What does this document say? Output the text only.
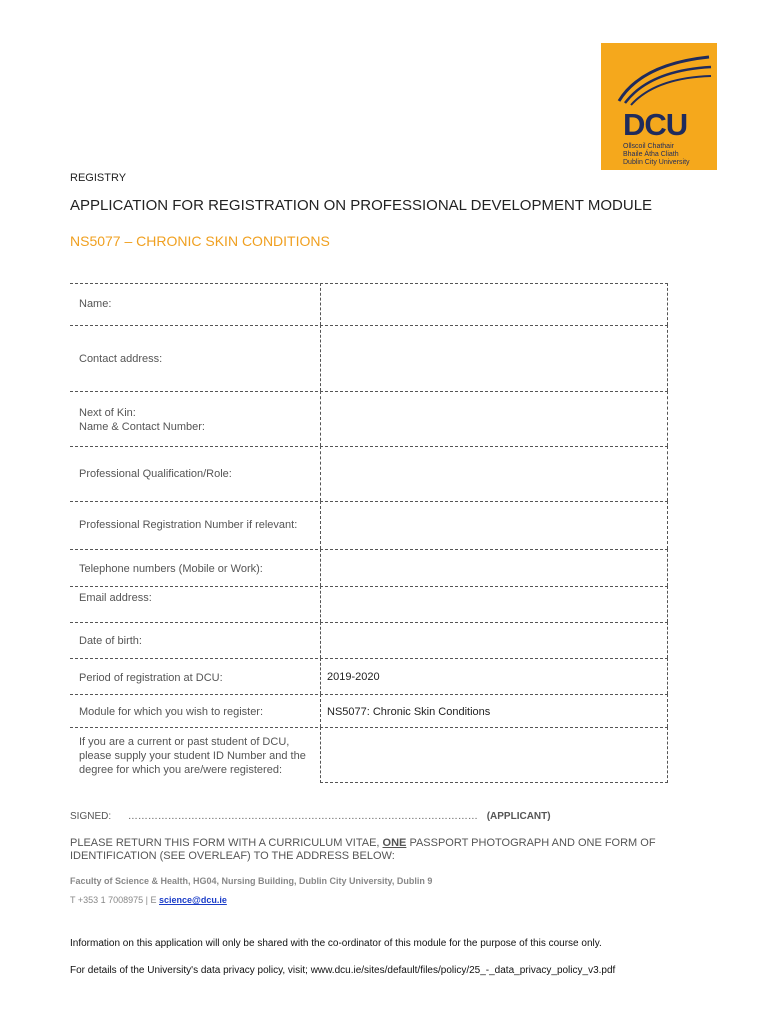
DCU
Ollscoil Chathair
Bhaile Átha Cliath
Dublin City University
REGISTRY
APPLICATION FOR REGISTRATION ON PROFESSIONAL DEVELOPMENT MODULE
NS5077 – CHRONIC SKIN CONDITIONS
Name:
Contact address:
Next of Kin:
Name & Contact Number:
Professional Qualification/Role:
Professional Registration Number if relevant:
Telephone numbers (Mobile or Work):
Email address:
Date of birth:
Period of registration at DCU:	2019-2020
Module for which you wish to register:	NS5077: Chronic Skin Conditions
If you are a current or past student of DCU,
please supply your student ID Number and the
degree for which you are/were registered:
SIGNED: …………………………………………………………………………………………… (APPLICANT)
PLEASE RETURN THIS FORM WITH A CURRICULUM VITAE, ONE PASSPORT PHOTOGRAPH AND ONE FORM OF IDENTIFICATION (SEE OVERLEAF) TO THE ADDRESS BELOW:
Faculty of Science & Health, HG04, Nursing Building, Dublin City University, Dublin 9
T +353 1 7008975 | E science@dcu.ie
Information on this application will only be shared with the co-ordinator of this module for the purpose of this course only.
For details of the University's data privacy policy, visit; www.dcu.ie/sites/default/files/policy/25_-_data_privacy_policy_v3.pdf
